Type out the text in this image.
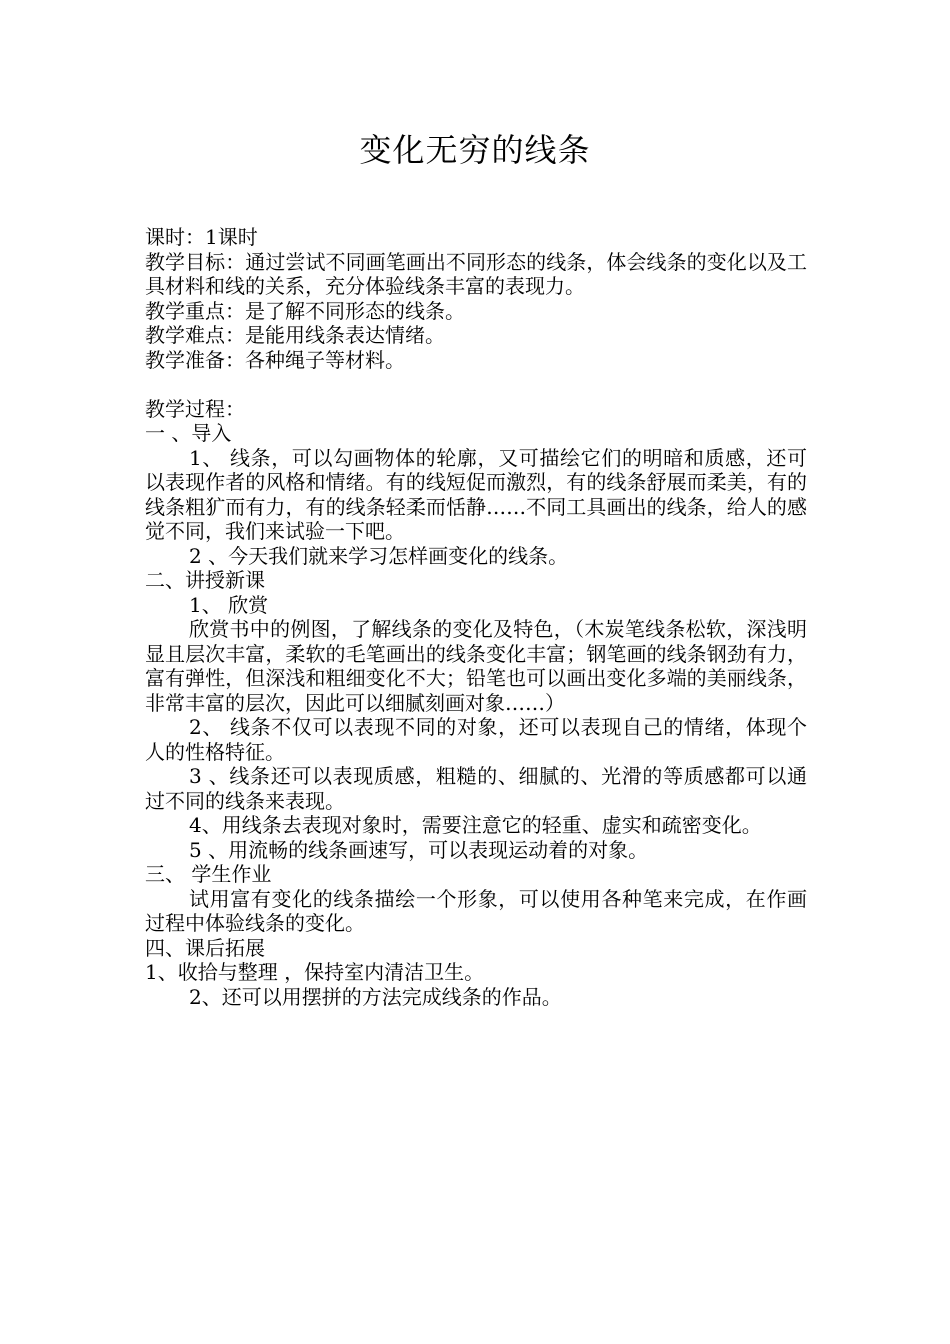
变化无穷的线条
课时：1课时
教学目标：通过尝试不同画笔画出不同形态的线条，体会线条的变化以及工具材料和线的关系，充分体验线条丰富的表现力。
教学重点：是了解不同形态的线条。
教学难点：是能用线条表达情绪。
教学准备：各种绳子等材料。
教学过程：
一 、导入
1、 线条，可以勾画物体的轮廓，又可描绘它们的明暗和质感，还可以表现作者的风格和情绪。有的线短促而激烈，有的线条舒展而柔美，有的线条粗犷而有力，有的线条轻柔而恬静……不同工具画出的线条，给人的感觉不同，我们来试验一下吧。
2 、今天我们就来学习怎样画变化的线条。
二、讲授新课
1、 欣赏
欣赏书中的例图，了解线条的变化及特色，（木炭笔线条松软，深浅明显且层次丰富，柔软的毛笔画出的线条变化丰富；钢笔画的线条钢劲有力，富有弹性，但深浅和粗细变化不大；铅笔也可以画出变化多端的美丽线条，非常丰富的层次，因此可以细腻刻画对象……）
2、 线条不仅可以表现不同的对象，还可以表现自己的情绪，体现个人的性格特征。
3 、线条还可以表现质感，粗糙的、细腻的、光滑的等质感都可以通过不同的线条来表现。
4、用线条去表现对象时，需要注意它的轻重、虚实和疏密变化。
5 、用流畅的线条画速写，可以表现运动着的对象。
三、 学生作业
试用富有变化的线条描绘一个形象，可以使用各种笔来完成，在作画过程中体验线条的变化。
四、课后拓展
1、收拾与整理 ，保持室内清洁卫生。
2、还可以用摆拼的方法完成线条的作品。
